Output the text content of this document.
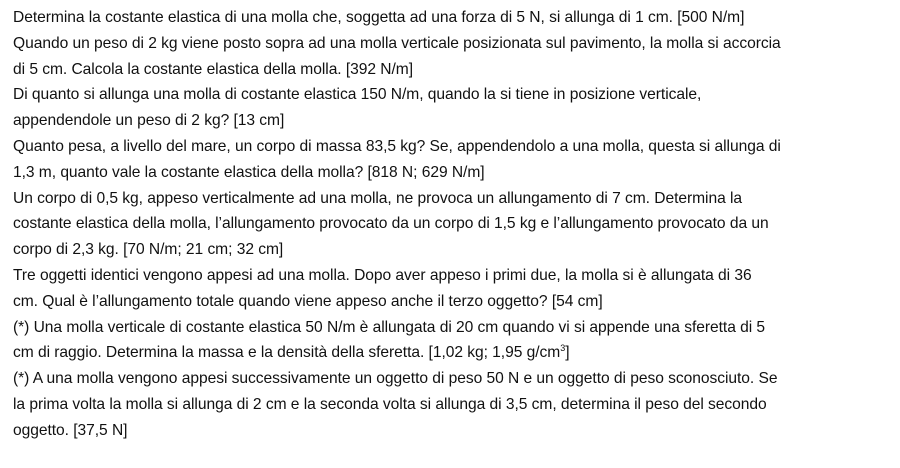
Determina la costante elastica di una molla che, soggetta ad una forza di 5 N, si allunga di 1 cm. [500 N/m]
Quando un peso di 2 kg viene posto sopra ad una molla verticale posizionata sul pavimento, la molla si accorcia
di 5 cm. Calcola la costante elastica della molla. [392 N/m]
Di quanto si allunga una molla di costante elastica 150 N/m, quando la si tiene in posizione verticale,
appendendole un peso di 2 kg? [13 cm]
Quanto pesa, a livello del mare, un corpo di massa 83,5 kg? Se, appendendolo a una molla, questa si allunga di
1,3 m, quanto vale la costante elastica della molla? [818 N; 629 N/m]
Un corpo di 0,5 kg, appeso verticalmente ad una molla, ne provoca un allungamento di 7 cm. Determina la
costante elastica della molla, l’allungamento provocato da un corpo di 1,5 kg e l’allungamento provocato da un
corpo di 2,3 kg. [70 N/m; 21 cm; 32 cm]
Tre oggetti identici vengono appesi ad una molla. Dopo aver appeso i primi due, la molla si è allungata di 36
cm. Qual è l’allungamento totale quando viene appeso anche il terzo oggetto? [54 cm]
(*) Una molla verticale di costante elastica 50 N/m è allungata di 20 cm quando vi si appende una sferetta di 5
cm di raggio. Determina la massa e la densità della sferetta. [1,02 kg; 1,95 $g/cm^3$]
(*) A una molla vengono appesi successivamente un oggetto di peso 50 N e un oggetto di peso sconosciuto. Se
la prima volta la molla si allunga di 2 cm e la seconda volta si allunga di 3,5 cm, determina il peso del secondo
oggetto. [37,5 N]
